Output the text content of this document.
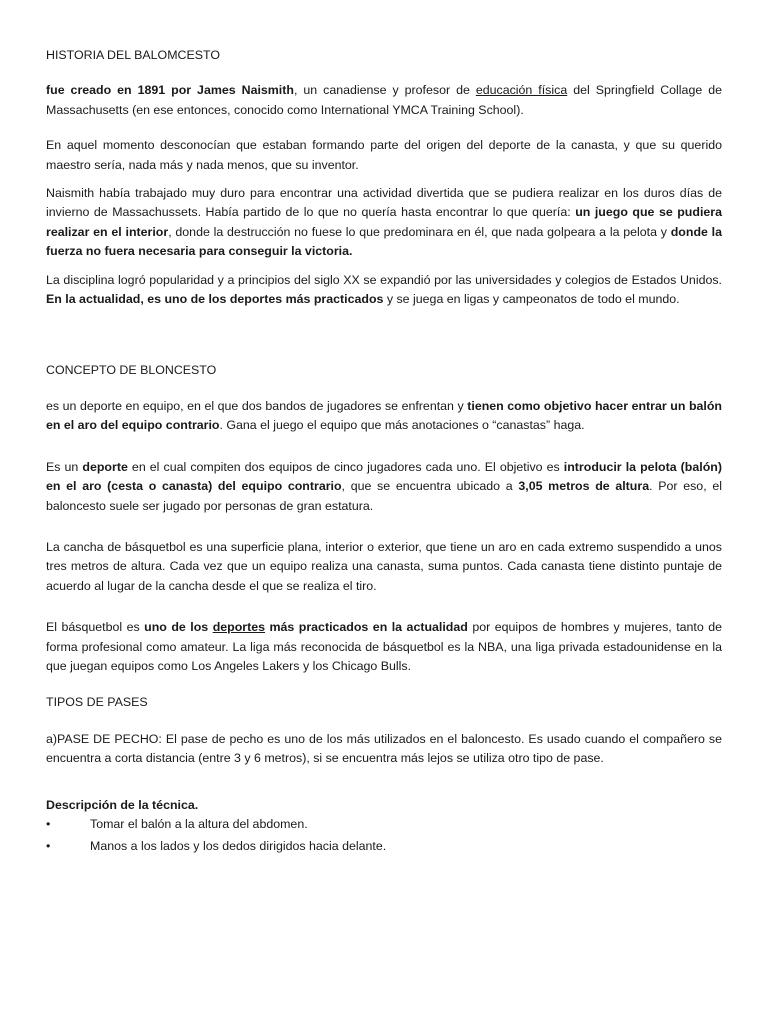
HISTORIA DEL BALOMCESTO

fue creado en 1891 por James Naismith, un canadiense y profesor de educación física del Springfield Collage de Massachusetts (en ese entonces, conocido como International YMCA Training School).

En aquel momento desconocían que estaban formando parte del origen del deporte de la canasta, y que su querido maestro sería, nada más y nada menos, que su inventor.

Naismith había trabajado muy duro para encontrar una actividad divertida que se pudiera realizar en los duros días de invierno de Massachussets. Había partido de lo que no quería hasta encontrar lo que quería: un juego que se pudiera realizar en el interior, donde la destrucción no fuese lo que predominara en él, que nada golpeara a la pelota y donde la fuerza no fuera necesaria para conseguir la victoria.

La disciplina logró popularidad y a principios del siglo XX se expandió por las universidades y colegios de Estados Unidos. En la actualidad, es uno de los deportes más practicados y se juega en ligas y campeonatos de todo el mundo.

CONCEPTO DE BLONCESTO

es un deporte en equipo, en el que dos bandos de jugadores se enfrentan y tienen como objetivo hacer entrar un balón en el aro del equipo contrario. Gana el juego el equipo que más anotaciones o “canastas” haga.

Es un deporte en el cual compiten dos equipos de cinco jugadores cada uno. El objetivo es introducir la pelota (balón) en el aro (cesta o canasta) del equipo contrario, que se encuentra ubicado a 3,05 metros de altura. Por eso, el baloncesto suele ser jugado por personas de gran estatura.

La cancha de básquetbol es una superficie plana, interior o exterior, que tiene un aro en cada extremo suspendido a unos tres metros de altura. Cada vez que un equipo realiza una canasta, suma puntos. Cada canasta tiene distinto puntaje de acuerdo al lugar de la cancha desde el que se realiza el tiro.

El básquetbol es uno de los deportes más practicados en la actualidad por equipos de hombres y mujeres, tanto de forma profesional como amateur. La liga más reconocida de básquetbol es la NBA, una liga privada estadounidense en la que juegan equipos como Los Angeles Lakers y los Chicago Bulls.

TIPOS DE PASES

a)PASE DE PECHO: El pase de pecho es uno de los más utilizados en el baloncesto. Es usado cuando el compañero se encuentra a corta distancia (entre 3 y 6 metros), si se encuentra más lejos se utiliza otro tipo de pase.

Descripción de la técnica.

• Tomar el balón a la altura del abdomen.
• Manos a los lados y los dedos dirigidos hacia delante.
